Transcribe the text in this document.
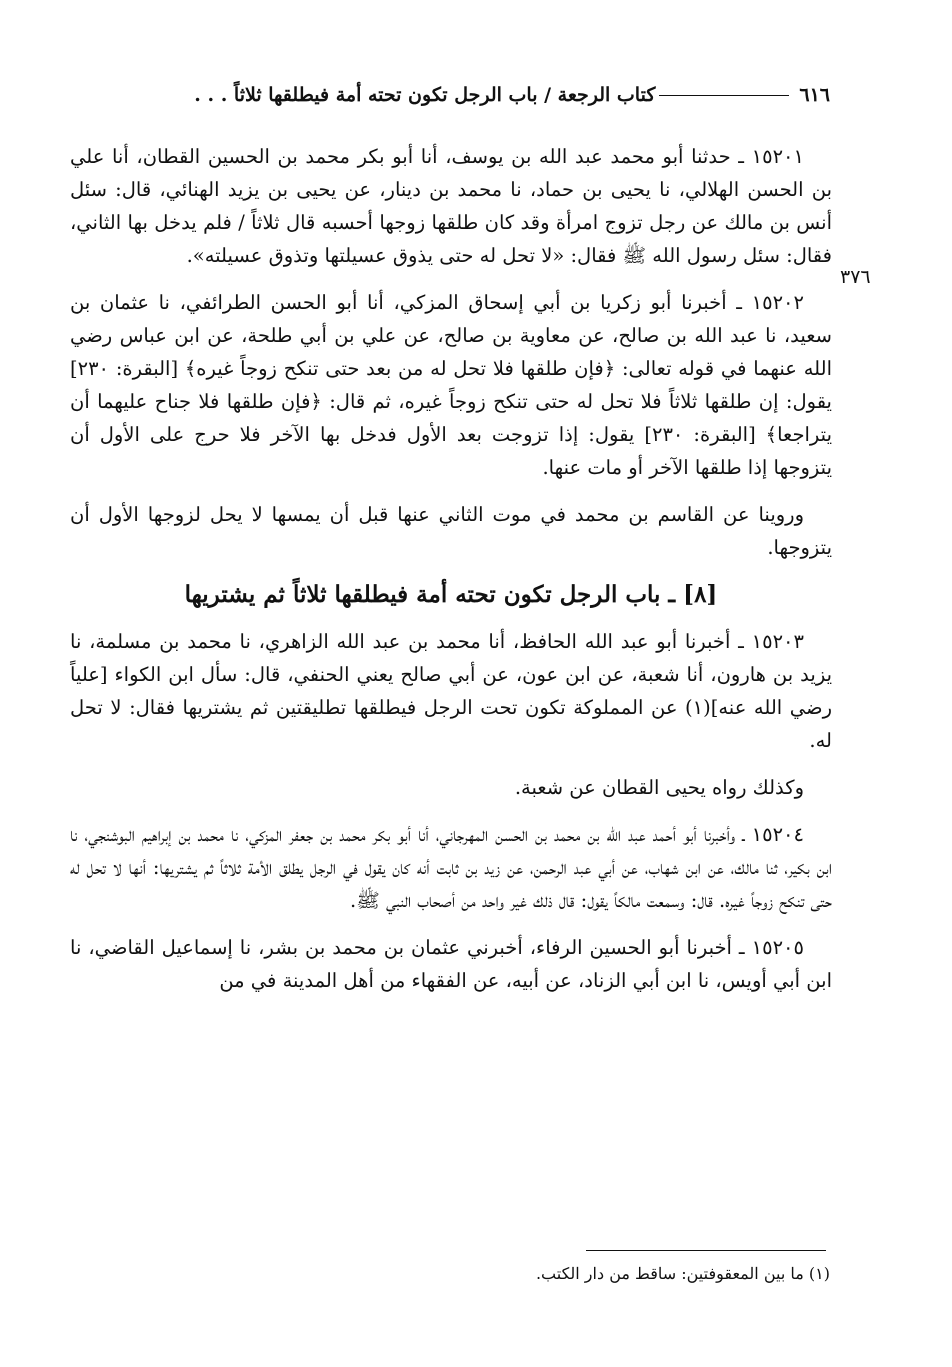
٦١٦
كتاب الرجعة / باب الرجل تكون تحته أمة فيطلقها ثلاثاً . . .
٣٧٦

١٥٢٠١ ـ حدثنا أبو محمد عبد الله بن يوسف، أنا أبو بكر محمد بن الحسين القطان، أنا علي بن الحسن الهلالي، نا يحيى بن حماد، نا محمد بن دينار، عن يحيى بن يزيد الهنائي، قال: سئل أنس بن مالك عن رجل تزوج امرأة وقد كان طلقها زوجها أحسبه قال ثلاثاً / فلم يدخل بها الثاني، فقال: سئل رسول الله ﷺ فقال: «لا تحل له حتى يذوق عسيلتها وتذوق عسيلته».

١٥٢٠٢ ـ أخبرنا أبو زكريا بن أبي إسحاق المزكي، أنا أبو الحسن الطرائفي، نا عثمان بن سعيد، نا عبد الله بن صالح، عن معاوية بن صالح، عن علي بن أبي طلحة، عن ابن عباس رضي الله عنهما في قوله تعالى: ﴿فإن طلقها فلا تحل له من بعد حتى تنكح زوجاً غيره﴾ [البقرة: ٢٣٠] يقول: إن طلقها ثلاثاً فلا تحل له حتى تنكح زوجاً غيره، ثم قال: ﴿فإن طلقها فلا جناح عليهما أن يتراجعا﴾ [البقرة: ٢٣٠] يقول: إذا تزوجت بعد الأول فدخل بها الآخر فلا حرج على الأول أن يتزوجها إذا طلقها الآخر أو مات عنها.

وروينا عن القاسم بن محمد في موت الثاني عنها قبل أن يمسها لا يحل لزوجها الأول أن يتزوجها.

[٨] ـ باب الرجل تكون تحته أمة فيطلقها ثلاثاً ثم يشتريها

١٥٢٠٣ ـ أخبرنا أبو عبد الله الحافظ، أنا محمد بن عبد الله الزاهري، نا محمد بن مسلمة، نا يزيد بن هارون، أنا شعبة، عن ابن عون، عن أبي صالح يعني الحنفي، قال: سأل ابن الكواء [علياً رضي الله عنه](١) عن المملوكة تكون تحت الرجل فيطلقها تطليقتين ثم يشتريها فقال: لا تحل له.

وكذلك رواه يحيى القطان عن شعبة.

١٥٢٠٤ ـ وأخبرنا أبو أحمد عبد الله بن محمد بن الحسن المهرجاني، أنا أبو بكر محمد بن جعفر المزكي، نا محمد بن إبراهيم البوشنجي، نا ابن بكير، ثنا مالك، عن ابن شهاب، عن أبي عبد الرحمن، عن زيد بن ثابت أنه كان يقول في الرجل يطلق الأمة ثلاثاً ثم يشتريها: أنها لا تحل له حتى تنكح زوجاً غيره. قال: وسمعت مالكاً يقول: قال ذلك غير واحد من أصحاب النبي ﷺ.

١٥٢٠٥ ـ أخبرنا أبو الحسين الرفاء، أخبرني عثمان بن محمد بن بشر، نا إسماعيل القاضي، نا ابن أبي أويس، نا ابن أبي الزناد، عن أبيه، عن الفقهاء من أهل المدينة في من

(١) ما بين المعقوفتين: ساقط من دار الكتب.
